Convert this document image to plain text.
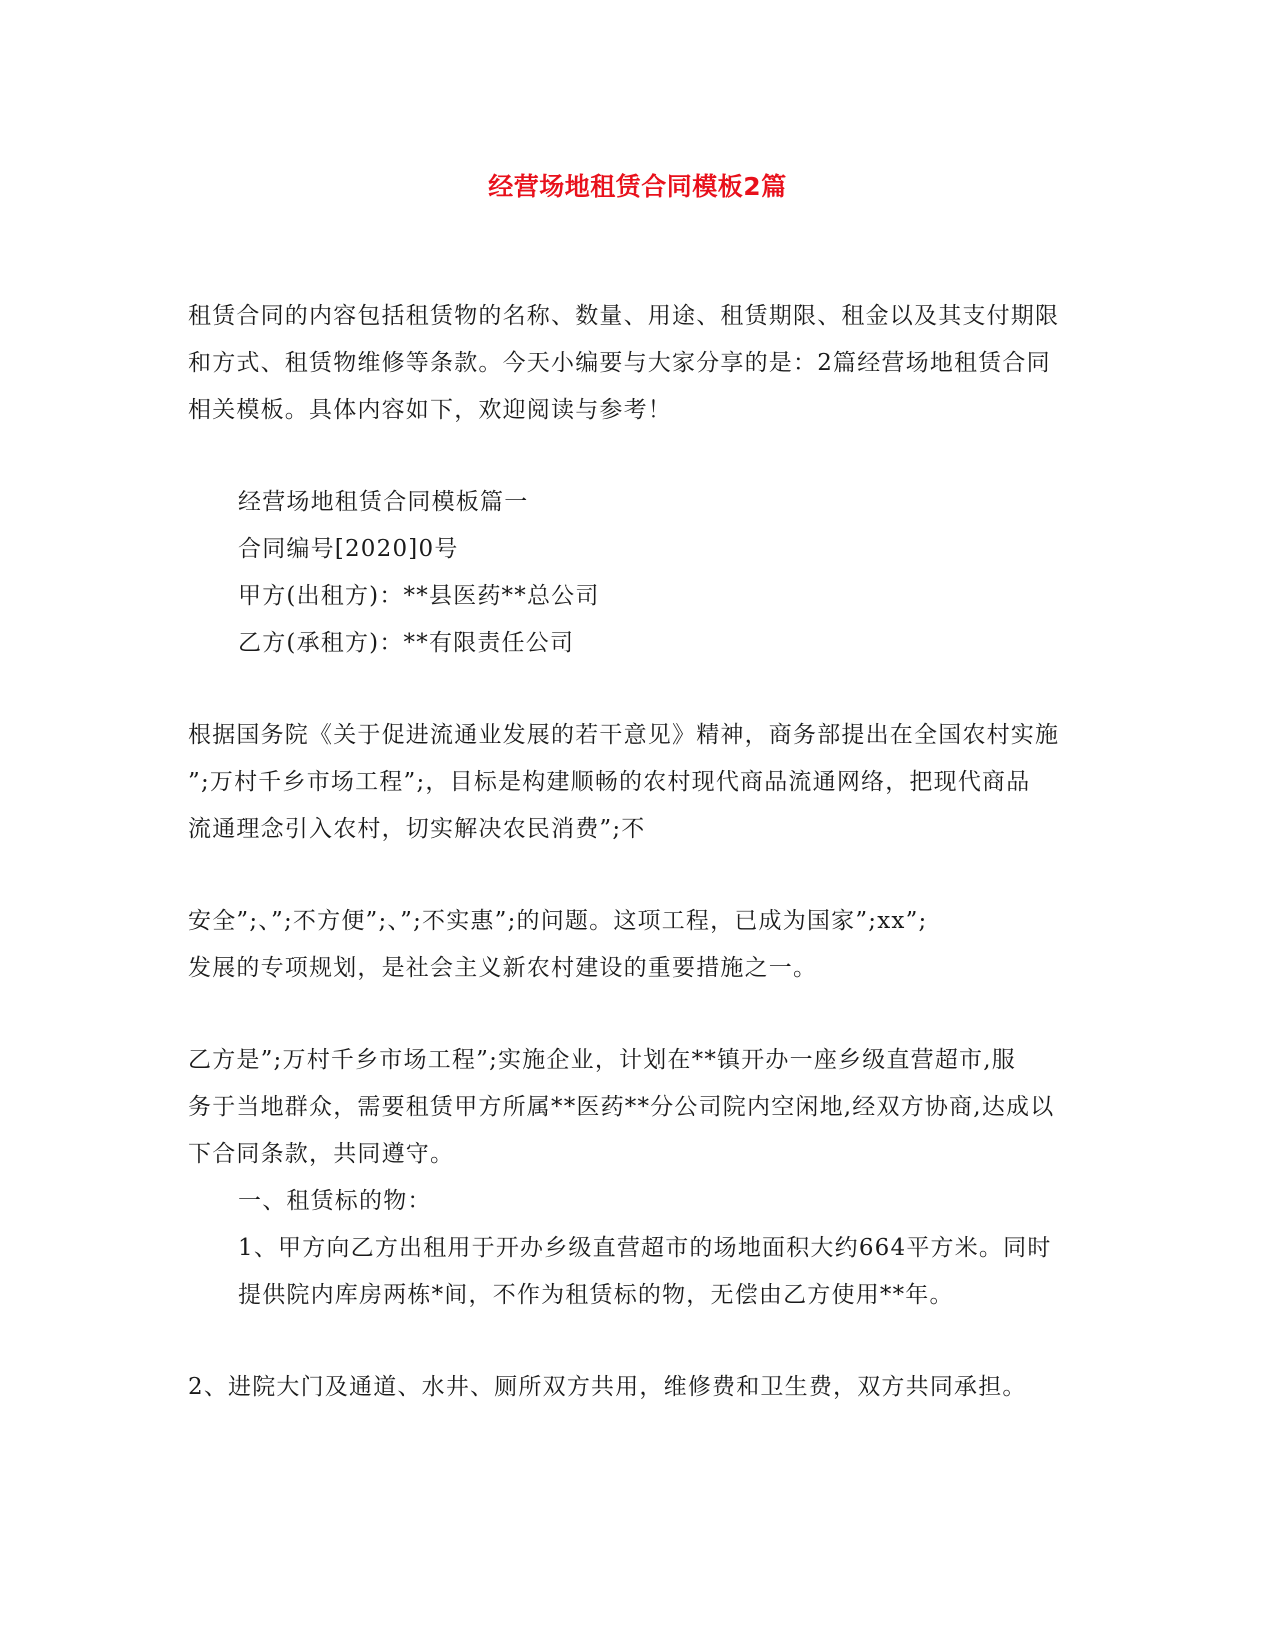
经营场地租赁合同模板2篇
租赁合同的内容包括租赁物的名称、数量、用途、租赁期限、租金以及其支付期限
和方式、租赁物维修等条款。今天小编要与大家分享的是：2篇经营场地租赁合同
相关模板。具体内容如下，欢迎阅读与参考！
经营场地租赁合同模板篇一
合同编号[2020]0号
甲方(出租方)：**县医药**总公司
乙方(承租方)：**有限责任公司
根据国务院《关于促进流通业发展的若干意见》精神，商务部提出在全国农村实施
”;万村千乡市场工程”;，目标是构建顺畅的农村现代商品流通网络，把现代商品
流通理念引入农村，切实解决农民消费”;不
安全”;、”;不方便”;、”;不实惠”;的问题。这项工程，已成为国家”;xx”;
发展的专项规划，是社会主义新农村建设的重要措施之一。
乙方是”;万村千乡市场工程”;实施企业，计划在**镇开办一座乡级直营超市,服
务于当地群众，需要租赁甲方所属**医药**分公司院内空闲地,经双方协商,达成以
下合同条款，共同遵守。
一、租赁标的物：
1、甲方向乙方出租用于开办乡级直营超市的场地面积大约664平方米。同时
提供院内库房两栋*间，不作为租赁标的物，无偿由乙方使用**年。
2、进院大门及通道、水井、厕所双方共用，维修费和卫生费，双方共同承担。
